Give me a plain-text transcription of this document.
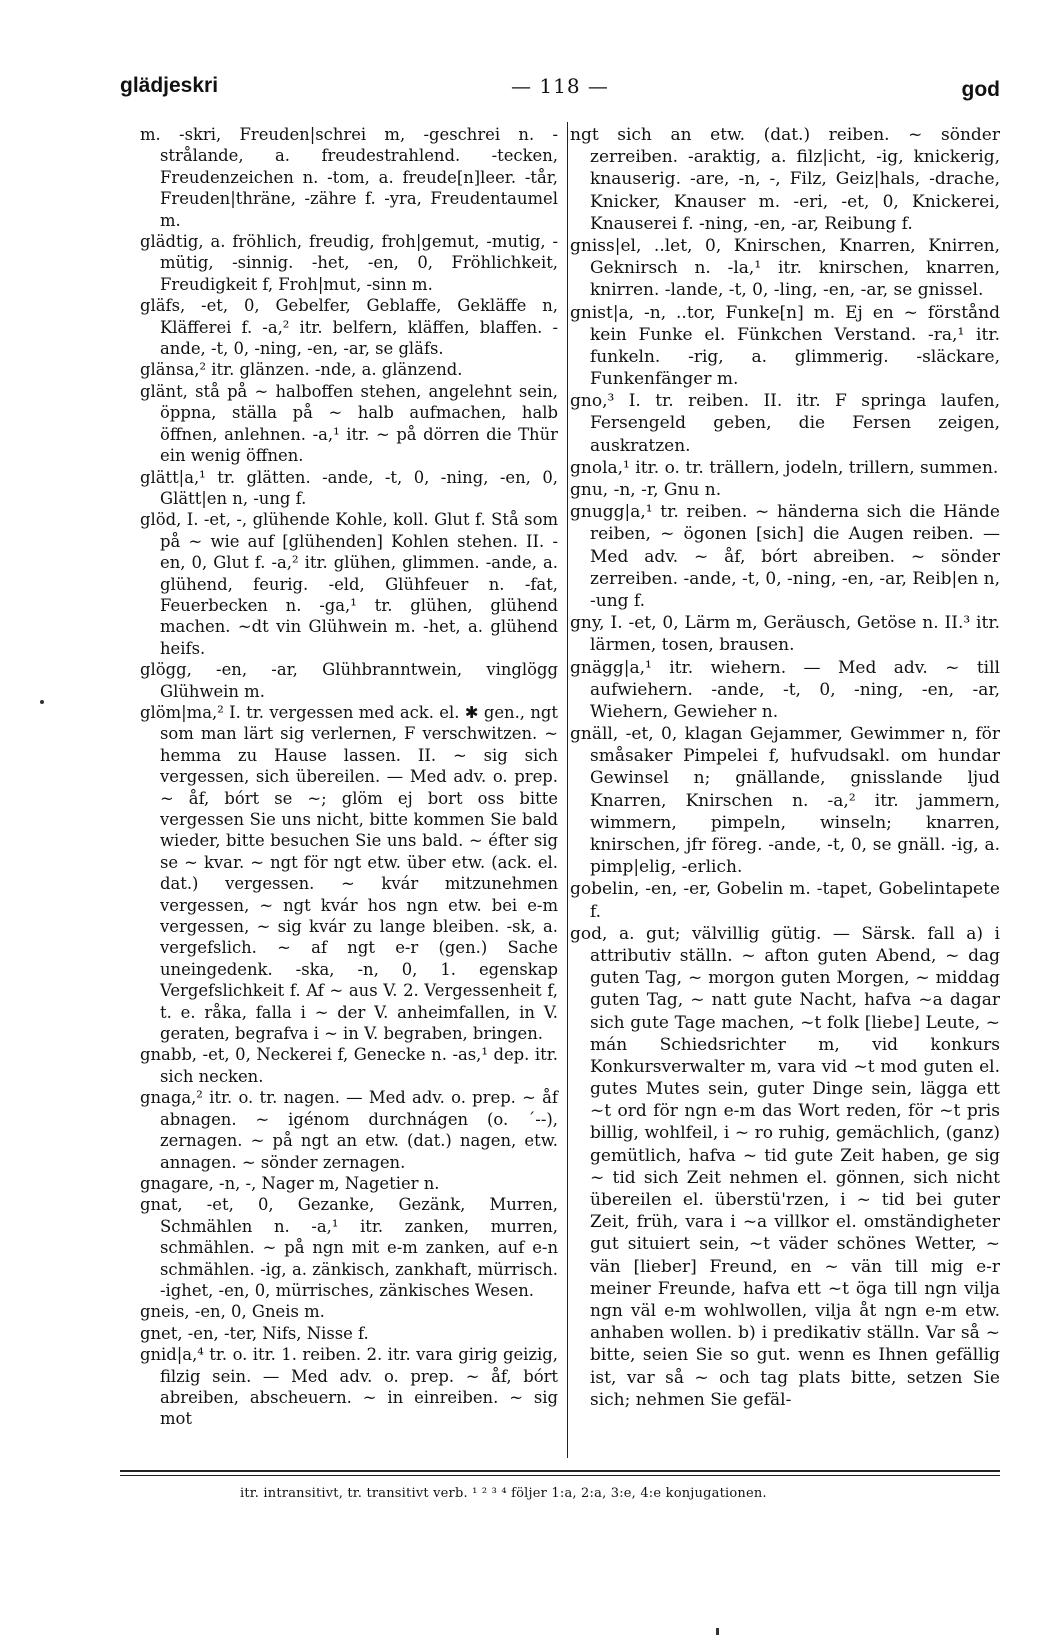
glädjeskri	— 118 —	god

m. -skri, Freuden|schrei m, -geschrei n. -strålande, a. freudestrahlend. -tecken, Freudenzeichen n. -tom, a. freude[n]leer. -tår, Freuden|thräne, -zähre f. -yra, Freudentaumel m.

glädtig, a. fröhlich, freudig, froh|gemut, -mutig, -mütig, -sinnig. -het, -en, 0, Fröhlichkeit, Freudigkeit f, Froh|mut, -sinn m.

gläfs, -et, 0, Gebelfer, Geblaffe, Gekläffe n, Kläfferei f. -a,² itr. belfern, kläffen, blaffen. -ande, -t, 0, -ning, -en, -ar, se gläfs.

glänsa,² itr. glänzen. -nde, a. glänzend.

glänt, stå på ~ halboffen stehen, angelehnt sein, öppna, ställa på ~ halb aufmachen, halb öffnen, anlehnen. -a,¹ itr. ~ på dörren die Thür ein wenig öffnen.

glätt|a,¹ tr. glätten. -ande, -t, 0, -ning, -en, 0, Glätt|en n, -ung f.

glöd, I. -et, -, glühende Kohle, koll. Glut f. Stå som på ~ wie auf [glühenden] Kohlen stehen. II. -en, 0, Glut f. -a,² itr. glühen, glimmen. -ande, a. glühend, feurig. -eld, Glühfeuer n. -fat, Feuerbecken n. -ga,¹ tr. glühen, glühend machen. ~dt vin Glühwein m. -het, a. glühend heifs.

glögg, -en, -ar, Glühbranntwein, vinglögg Glühwein m.

glöm|ma,² I. tr. vergessen med ack. el. ✱ gen., ngt som man lärt sig verlernen, F verschwitzen. ~ hemma zu Hause lassen. II. ~ sig sich vergessen, sich übereilen. — Med adv. o. prep. ~ åf, bórt se ~; glöm ej bort oss bitte vergessen Sie uns nicht, bitte kommen Sie bald wieder, bitte besuchen Sie uns bald. ~ éfter sig se ~ kvar. ~ ngt för ngt etw. über etw. (ack. el. dat.) vergessen. ~ kvár mitzunehmen vergessen, ~ ngt kvár hos ngn etw. bei e-m vergessen, ~ sig kvár zu lange bleiben. -sk, a. vergefslich. ~ af ngt e-r (gen.) Sache uneingedenk. -ska, -n, 0, 1. egenskap Vergefslichkeit f. Af ~ aus V. 2. Vergessenheit f, t. e. råka, falla i ~ der V. anheimfallen, in V. geraten, begrafva i ~ in V. begraben, bringen.

gnabb, -et, 0, Neckerei f, Genecke n. -as,¹ dep. itr. sich necken.

gnaga,² itr. o. tr. nagen. — Med adv. o. prep. ~ åf abnagen. ~ igénom durchnágen (o. ´--), zernagen. ~ på ngt an etw. (dat.) nagen, etw. annagen. ~ sönder zernagen.

gnagare, -n, -, Nager m, Nagetier n.

gnat, -et, 0, Gezanke, Gezänk, Murren, Schmählen n. -a,¹ itr. zanken, murren, schmählen. ~ på ngn mit e-m zanken, auf e-n schmählen. -ig, a. zänkisch, zankhaft, mürrisch. -ighet, -en, 0, mürrisches, zänkisches Wesen.

gneis, -en, 0, Gneis m.

gnet, -en, -ter, Nifs, Nisse f.

gnid|a,⁴ tr. o. itr. 1. reiben. 2. itr. vara girig geizig, filzig sein. — Med adv. o. prep. ~ åf, bórt abreiben, abscheuern. ~ in einreiben. ~ sig mot

ngt sich an etw. (dat.) reiben. ~ sönder zerreiben. -araktig, a. filz|icht, -ig, knickerig, knauserig. -are, -n, -, Filz, Geiz|hals, -drache, Knicker, Knauser m. -eri, -et, 0, Knickerei, Knauserei f. -ning, -en, -ar, Reibung f.

gniss|el, ..let, 0, Knirschen, Knarren, Knirren, Geknirsch n. -la,¹ itr. knirschen, knarren, knirren. -lande, -t, 0, -ling, -en, -ar, se gnissel.

gnist|a, -n, ..tor, Funke[n] m. Ej en ~ förstånd kein Funke el. Fünkchen Verstand. -ra,¹ itr. funkeln. -rig, a. glimmerig. -släckare, Funkenfänger m.

gno,³ I. tr. reiben. II. itr. F springa laufen, Fersengeld geben, die Fersen zeigen, auskratzen.

gnola,¹ itr. o. tr. trällern, jodeln, trillern, summen.

gnu, -n, -r, Gnu n.

gnugg|a,¹ tr. reiben. ~ händerna sich die Hände reiben, ~ ögonen [sich] die Augen reiben. — Med adv. ~ åf, bórt abreiben. ~ sönder zerreiben. -ande, -t, 0, -ning, -en, -ar, Reib|en n, -ung f.

gny, I. -et, 0, Lärm m, Geräusch, Getöse n. II.³ itr. lärmen, tosen, brausen.

gnägg|a,¹ itr. wiehern. — Med adv. ~ till aufwiehern. -ande, -t, 0, -ning, -en, -ar, Wiehern, Gewieher n.

gnäll, -et, 0, klagan Gejammer, Gewimmer n, för småsaker Pimpelei f, hufvudsakl. om hundar Gewinsel n; gnällande, gnisslande ljud Knarren, Knirschen n. -a,² itr. jammern, wimmern, pimpeln, winseln; knarren, knirschen, jfr föreg. -ande, -t, 0, se gnäll. -ig, a. pimp|elig, -erlich.

gobelin, -en, -er, Gobelin m. -tapet, Gobelintapete f.

god, a. gut; välvillig gütig. — Särsk. fall a) i attributiv ställn. ~ afton guten Abend, ~ dag guten Tag, ~ morgon guten Morgen, ~ middag guten Tag, ~ natt gute Nacht, hafva ~a dagar sich gute Tage machen, ~t folk [liebe] Leute, ~ mán Schiedsrichter m, vid konkurs Konkursverwalter m, vara vid ~t mod guten el. gutes Mutes sein, guter Dinge sein, lägga ett ~t ord för ngn e-m das Wort reden, för ~t pris billig, wohlfeil, i ~ ro ruhig, gemächlich, (ganz) gemütlich, hafva ~ tid gute Zeit haben, ge sig ~ tid sich Zeit nehmen el. gönnen, sich nicht übereilen el. überstü'rzen, i ~ tid bei guter Zeit, früh, vara i ~a villkor el. omständigheter gut situiert sein, ~t väder schönes Wetter, ~ vän [lieber] Freund, en ~ vän till mig e-r meiner Freunde, hafva ett ~t öga till ngn vilja ngn väl e-m wohlwollen, vilja åt ngn e-m etw. anhaben wollen. b) i predikativ ställn. Var så ~ bitte, seien Sie so gut. wenn es Ihnen gefällig ist, var så ~ och tag plats bitte, setzen Sie sich; nehmen Sie gefäl-

itr. intransitivt, tr. transitivt verb. ¹ ² ³ ⁴ följer 1:a, 2:a, 3:e, 4:e konjugationen.
